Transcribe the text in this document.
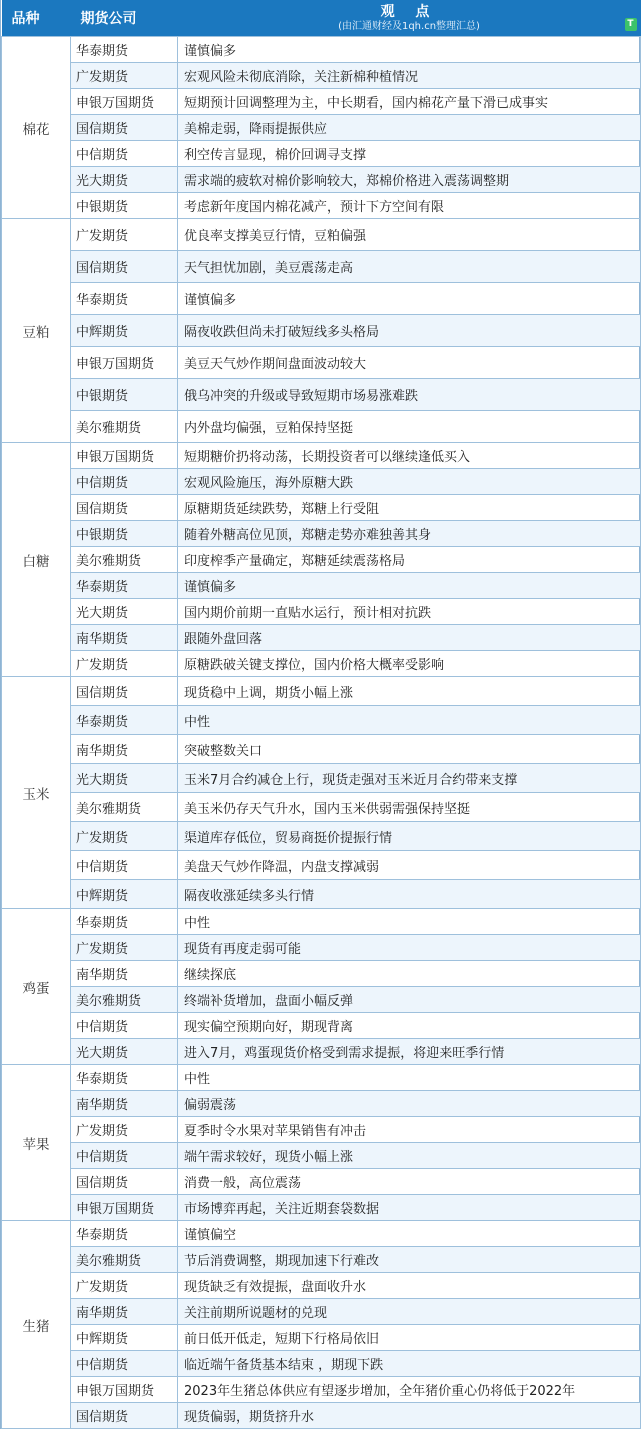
品种	期货公司	观 点
(由汇通财经及1qh.cn整理汇总) T

棉花	华泰期货	谨慎偏多
	广发期货	宏观风险未彻底消除，关注新棉种植情况
	申银万国期货	短期预计回调整理为主，中长期看，国内棉花产量下滑已成事实
	国信期货	美棉走弱，降雨提振供应
	中信期货	利空传言显现，棉价回调寻支撑
	光大期货	需求端的疲软对棉价影响较大，郑棉价格进入震荡调整期
	中银期货	考虑新年度国内棉花减产，预计下方空间有限
豆粕	广发期货	优良率支撑美豆行情，豆粕偏强
	国信期货	天气担忧加剧，美豆震荡走高
	华泰期货	谨慎偏多
	中辉期货	隔夜收跌但尚未打破短线多头格局
	申银万国期货	美豆天气炒作期间盘面波动较大
	中银期货	俄乌冲突的升级或导致短期市场易涨难跌
	美尔雅期货	内外盘均偏强，豆粕保持坚挺
白糖	申银万国期货	短期糖价扔将动荡，长期投资者可以继续逢低买入
	中信期货	宏观风险施压，海外原糖大跌
	国信期货	原糖期货延续跌势，郑糖上行受阻
	中银期货	随着外糖高位见顶，郑糖走势亦难独善其身
	美尔雅期货	印度榨季产量确定，郑糖延续震荡格局
	华泰期货	谨慎偏多
	光大期货	国内期价前期一直贴水运行，预计相对抗跌
	南华期货	跟随外盘回落
	广发期货	原糖跌破关键支撑位，国内价格大概率受影响
玉米	国信期货	现货稳中上调，期货小幅上涨
	华泰期货	中性
	南华期货	突破整数关口
	光大期货	玉米7月合约减仓上行，现货走强对玉米近月合约带来支撑
	美尔雅期货	美玉米仍存天气升水，国内玉米供弱需强保持坚挺
	广发期货	渠道库存低位，贸易商挺价提振行情
	中信期货	美盘天气炒作降温，内盘支撑减弱
	中辉期货	隔夜收涨延续多头行情
鸡蛋	华泰期货	中性
	广发期货	现货有再度走弱可能
	南华期货	继续探底
	美尔雅期货	终端补货增加，盘面小幅反弹
	中信期货	现实偏空预期向好，期现背离
	光大期货	进入7月，鸡蛋现货价格受到需求提振，将迎来旺季行情
苹果	华泰期货	中性
	南华期货	偏弱震荡
	广发期货	夏季时令水果对苹果销售有冲击
	中信期货	端午需求较好，现货小幅上涨
	国信期货	消费一般，高位震荡
	申银万国期货	市场博弈再起，关注近期套袋数据
生猪	华泰期货	谨慎偏空
	美尔雅期货	节后消费调整，期现加速下行难改
	广发期货	现货缺乏有效提振，盘面收升水
	南华期货	关注前期所说题材的兑现
	中辉期货	前日低开低走，短期下行格局依旧
	中信期货	临近端午备货基本结束 ，期现下跌
	申银万国期货	2023年生猪总体供应有望逐步增加，全年猪价重心仍将低于2022年
	国信期货	现货偏弱，期货挤升水
